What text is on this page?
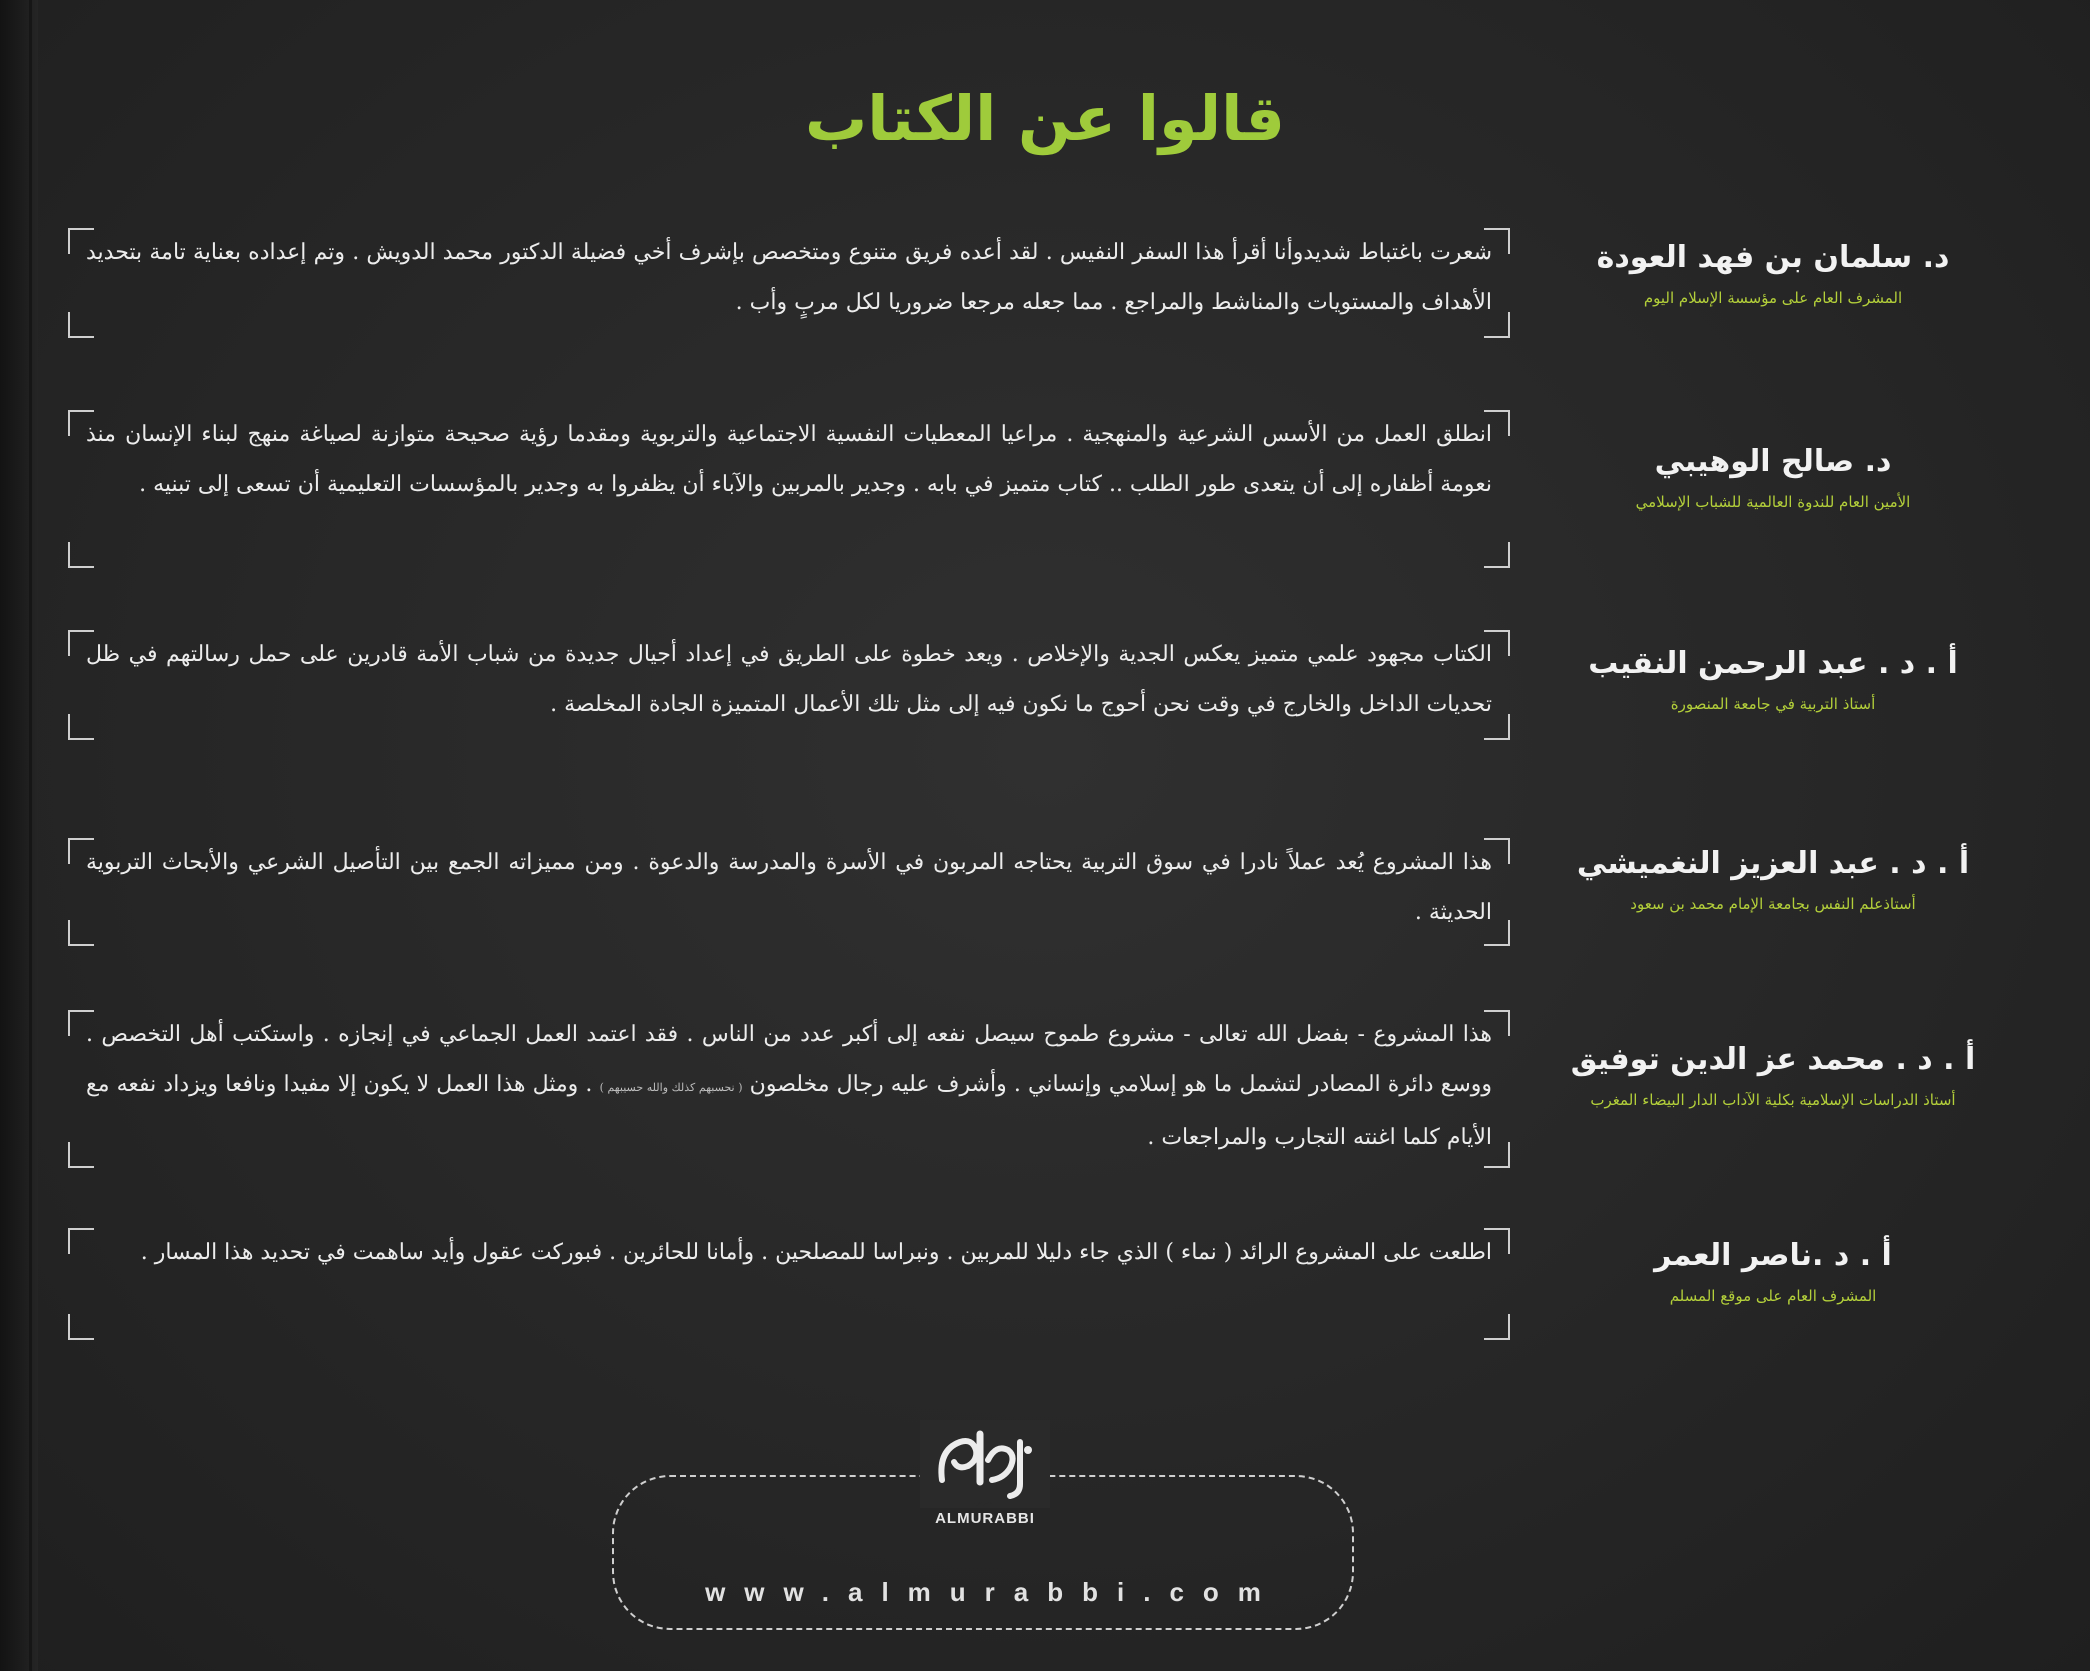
قالوا عن الكتاب
شعرت باغتباط شديدوأنا أقرأ هذا السفر النفيس . لقد أعده فريق متنوع ومتخصص بإشرف أخي فضيلة الدكتور محمد الدويش . وتم إعداده بعناية تامة بتحديد الأهداف والمستويات والمناشط والمراجع . مما جعله مرجعا ضروريا لكل مربٍ وأب .
د. سلمان بن فهد العودة
المشرف العام على مؤسسة الإسلام اليوم
انطلق العمل من الأسس الشرعية والمنهجية . مراعيا المعطيات النفسية الاجتماعية والتربوية ومقدما رؤية صحيحة متوازنة لصياغة منهج لبناء الإنسان منذ نعومة أظفاره إلى أن يتعدى طور الطلب .. كتاب متميز في بابه . وجدير بالمربين والآباء أن يظفروا به وجدير بالمؤسسات التعليمية أن تسعى إلى تبنيه .
د. صالح الوهيبي
الأمين العام للندوة العالمية للشباب الإسلامي
الكتاب مجهود علمي متميز يعكس الجدية والإخلاص . ويعد خطوة على الطريق في إعداد أجيال جديدة من شباب الأمة قادرين على حمل رسالتهم في ظل تحديات الداخل والخارج في وقت نحن أحوج ما نكون فيه إلى مثل تلك الأعمال المتميزة الجادة المخلصة .
أ . د . عبد الرحمن النقيب
أستاذ التربية في جامعة المنصورة
هذا المشروع يُعد عملاً نادرا في سوق التربية يحتاجه المربون في الأسرة والمدرسة والدعوة . ومن مميزاته الجمع بين التأصيل الشرعي والأبحاث التربوية الحديثة .
أ . د . عبد العزيز النغميشي
أستاذعلم النفس بجامعة الإمام محمد بن سعود
هذا المشروع - بفضل الله تعالى - مشروع طموح سيصل نفعه إلى أكبر عدد من الناس . فقد اعتمد العمل الجماعي في إنجازه . واستكتب أهل التخصص . ووسع دائرة المصادر لتشمل ما هو إسلامي وإنساني . وأشرف عليه رجال مخلصون ( نحسبهم كذلك والله حسيبهم ) . ومثل هذا العمل لا يكون إلا مفيدا ونافعا ويزداد نفعه مع الأيام كلما اغنته التجارب والمراجعات .
أ . د . محمد عز الدين توفيق
أستاذ الدراسات الإسلامية بكلية الآداب الدار البيضاء المغرب
اطلعت على المشروع الرائد ( نماء ) الذي جاء دليلا للمربين . ونبراسا للمصلحين . وأمانا للحائرين . فبوركت عقول وأيد ساهمت في تحديد هذا المسار .	أ . د .ناصر العمر
المشرف العام على موقع المسلم
www.almurabbi.com
المربي
ALMURABBI
